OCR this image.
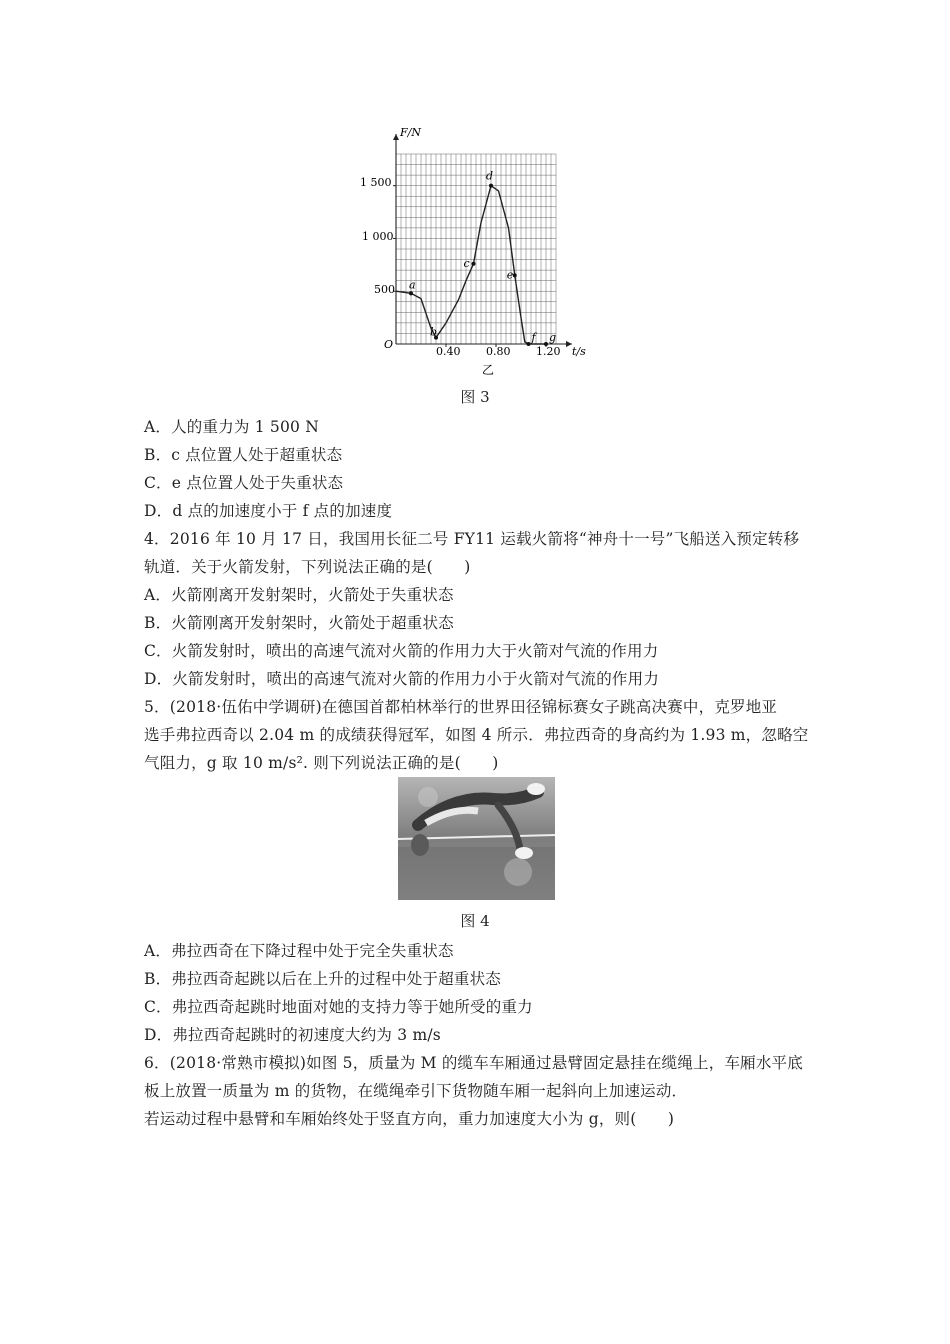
a
b
c
d
e
f g
F/N
t/s
O
1 500
1 000
500
0.40 0.80 1.20
乙
图 3
A．人的重力为 1 500 N
B．c 点位置人处于超重状态
C．e 点位置人处于失重状态
D．d 点的加速度小于 f 点的加速度
4．2016 年 10 月 17 日，我国用长征二号 FY11 运载火箭将“神舟十一号”飞船送入预定转移
轨道．关于火箭发射，下列说法正确的是(　　)
A．火箭刚离开发射架时，火箭处于失重状态
B．火箭刚离开发射架时，火箭处于超重状态
C．火箭发射时，喷出的高速气流对火箭的作用力大于火箭对气流的作用力
D．火箭发射时，喷出的高速气流对火箭的作用力小于火箭对气流的作用力
5．(2018·伍佑中学调研)在德国首都柏林举行的世界田径锦标赛女子跳高决赛中，克罗地亚
选手弗拉西奇以 2.04 m 的成绩获得冠军，如图 4 所示．弗拉西奇的身高约为 1.93 m，忽略空
气阻力，g 取 10 m/s². 则下列说法正确的是(　　)
图 4
A．弗拉西奇在下降过程中处于完全失重状态
B．弗拉西奇起跳以后在上升的过程中处于超重状态
C．弗拉西奇起跳时地面对她的支持力等于她所受的重力
D．弗拉西奇起跳时的初速度大约为 3 m/s
6．(2018·常熟市模拟)如图 5，质量为 M 的缆车车厢通过悬臂固定悬挂在缆绳上，车厢水平底
板上放置一质量为 m 的货物，在缆绳牵引下货物随车厢一起斜向上加速运动．
若运动过程中悬臂和车厢始终处于竖直方向，重力加速度大小为 g，则(　　)
